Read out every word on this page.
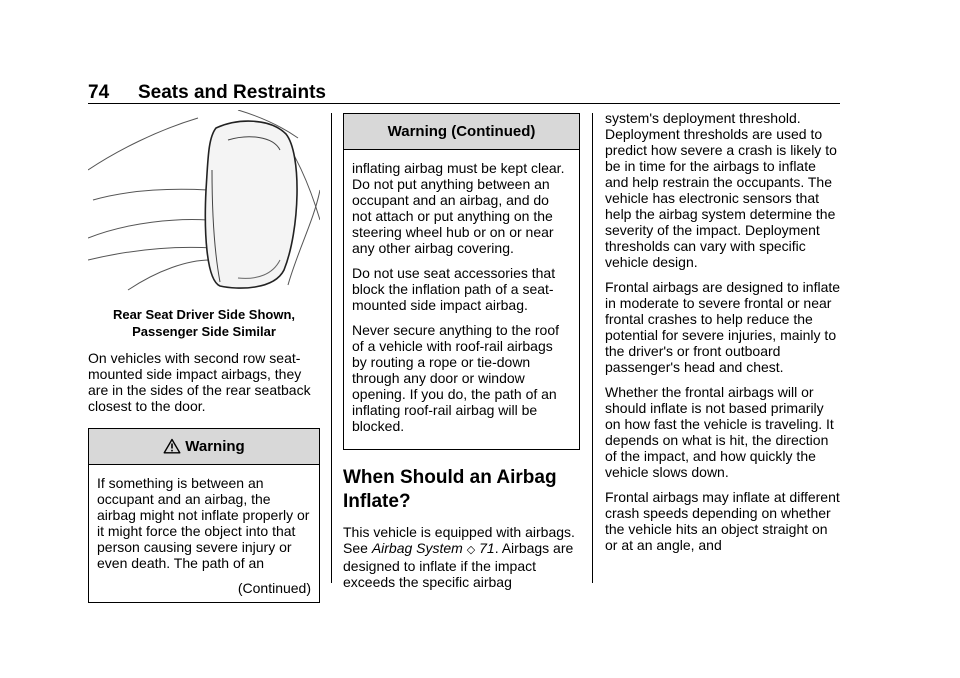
74 Seats and Restraints
Rear Seat Driver Side Shown,
Passenger Side Similar

On vehicles with second row seat-mounted side impact airbags, they are in the sides of the rear seatback closest to the door.

Warning

If something is between an occupant and an airbag, the airbag might not inflate properly or it might force the object into that person causing severe injury or even death. The path of an

(Continued)

Warning (Continued)

inflating airbag must be kept clear. Do not put anything between an occupant and an airbag, and do not attach or put anything on the steering wheel hub or on or near any other airbag covering.

Do not use seat accessories that block the inflation path of a seat-mounted side impact airbag.

Never secure anything to the roof of a vehicle with roof-rail airbags by routing a rope or tie-down through any door or window opening. If you do, the path of an inflating roof-rail airbag will be blocked.

When Should an Airbag Inflate?

This vehicle is equipped with airbags. See Airbag System ◇ 71. Airbags are designed to inflate if the impact exceeds the specific airbag

system's deployment threshold. Deployment thresholds are used to predict how severe a crash is likely to be in time for the airbags to inflate and help restrain the occupants. The vehicle has electronic sensors that help the airbag system determine the severity of the impact. Deployment thresholds can vary with specific vehicle design.

Frontal airbags are designed to inflate in moderate to severe frontal or near frontal crashes to help reduce the potential for severe injuries, mainly to the driver's or front outboard passenger's head and chest.

Whether the frontal airbags will or should inflate is not based primarily on how fast the vehicle is traveling. It depends on what is hit, the direction of the impact, and how quickly the vehicle slows down.

Frontal airbags may inflate at different crash speeds depending on whether the vehicle hits an object straight on or at an angle, and
